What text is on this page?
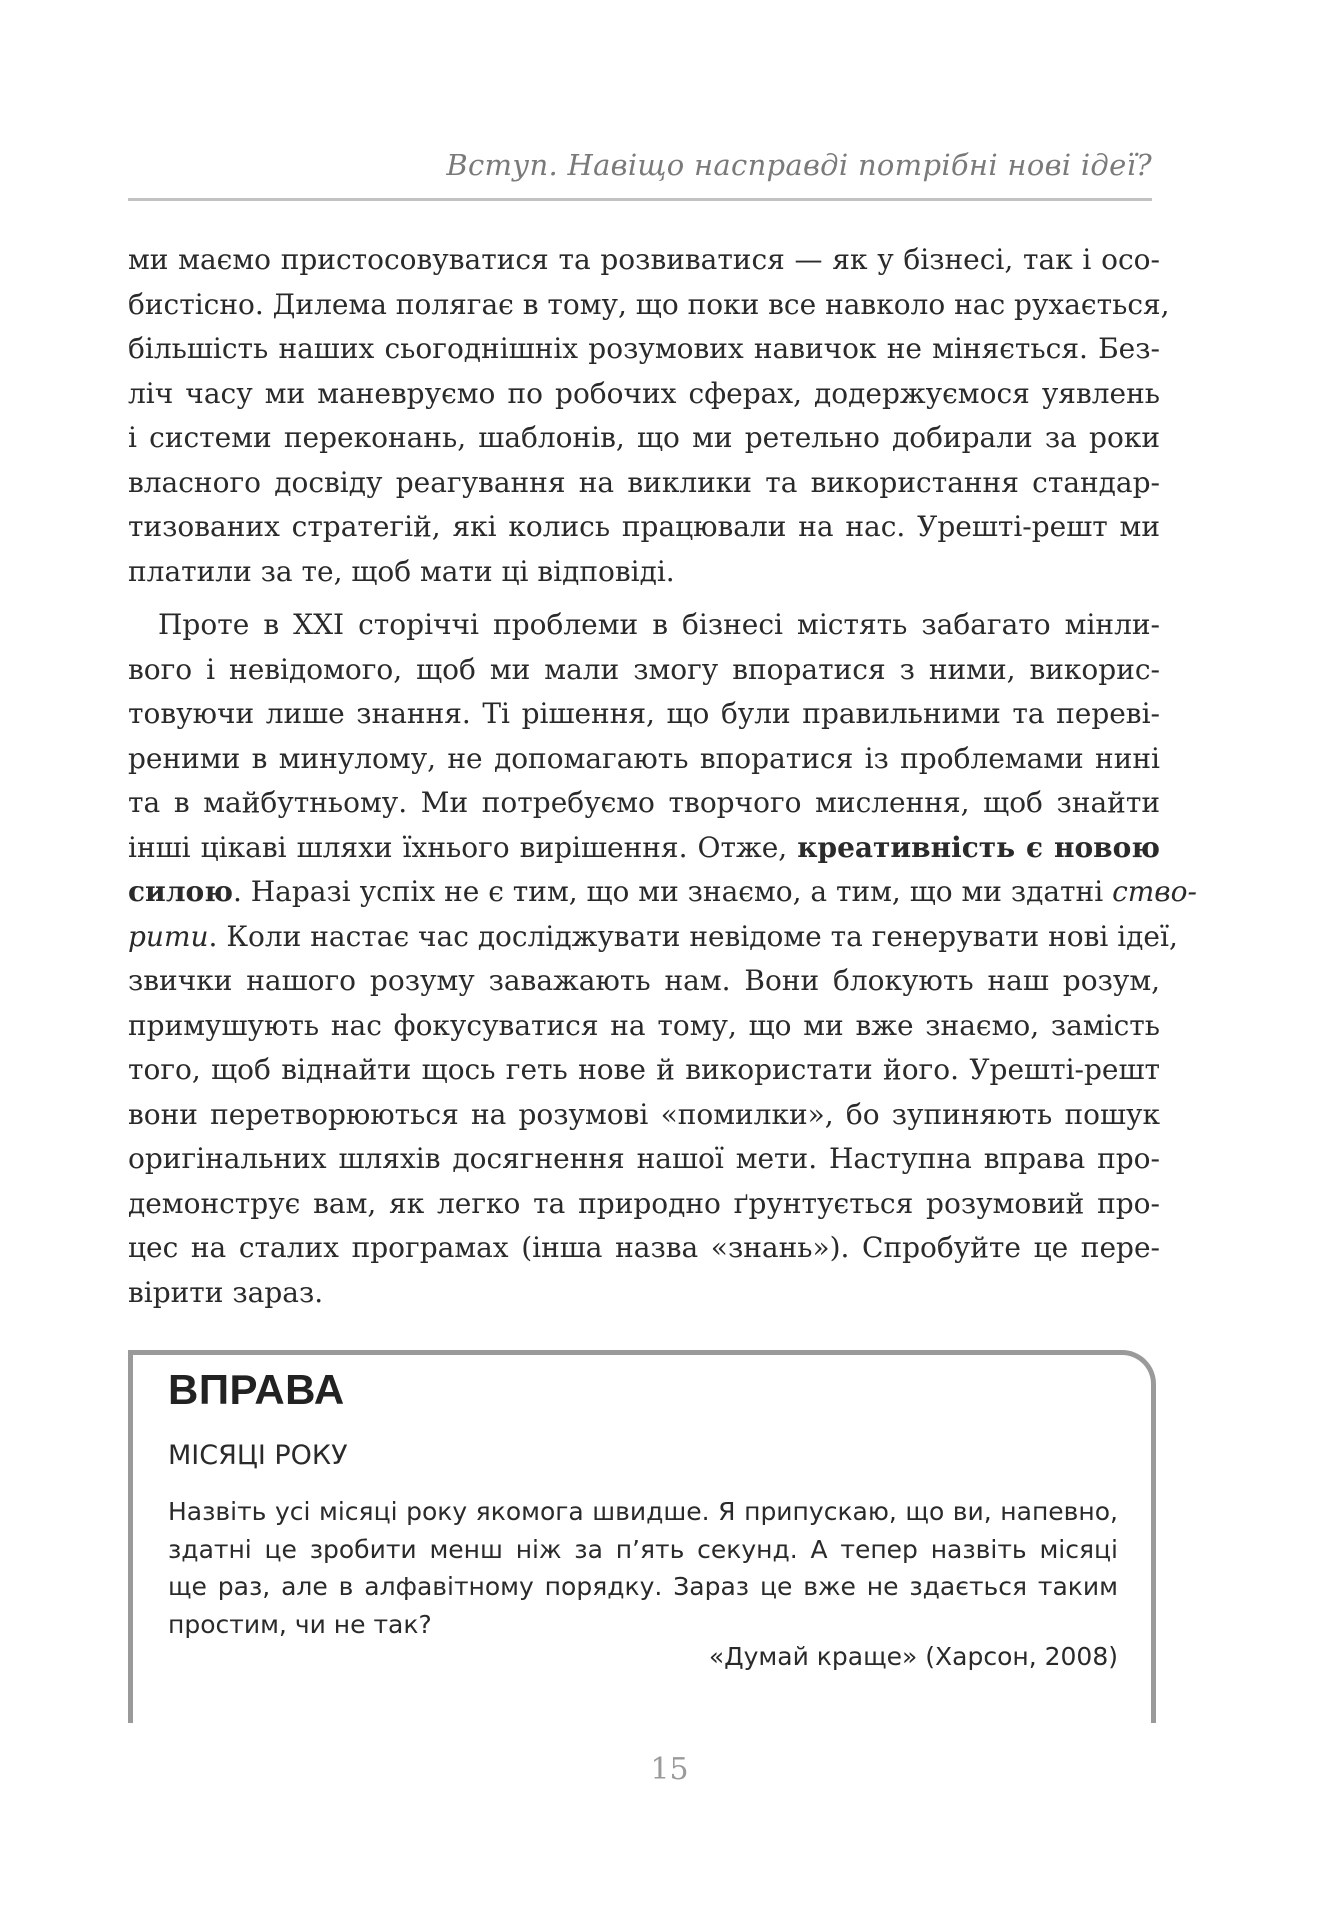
Вступ. Навіщо насправді потрібні нові ідеї?
ми маємо пристосовуватися та розвиватися — як у бізнесі, так і осо-
бистісно. Дилема полягає в тому, що поки все навколо нас рухається,
більшість наших сьогоднішніх розумових навичок не міняється. Без-
ліч часу ми маневруємо по робочих сферах, додержуємося уявлень
і системи переконань, шаблонів, що ми ретельно добирали за роки
власного досвіду реагування на виклики та використання стандар-
тизованих стратегій, які колись працювали на нас. Урешті-решт ми
платили за те, щоб мати ці відповіді.
Проте в XXI сторіччі проблеми в бізнесі містять забагато мінли-
вого і невідомого, щоб ми мали змогу впоратися з ними, викорис-
товуючи лише знання. Ті рішення, що були правильними та переві-
реними в минулому, не допомагають впоратися із проблемами нині
та в майбутньому. Ми потребуємо творчого мислення, щоб знайти
інші цікаві шляхи їхнього вирішення. Отже, креативність є новою
силою. Наразі успіх не є тим, що ми знаємо, а тим, що ми здатні ство-
рити. Коли настає час досліджувати невідоме та генерувати нові ідеї,
звички нашого розуму заважають нам. Вони блокують наш розум,
примушують нас фокусуватися на тому, що ми вже знаємо, замість
того, щоб віднайти щось геть нове й використати його. Урешті-решт
вони перетворюються на розумові «помилки», бо зупиняють пошук
оригінальних шляхів досягнення нашої мети. Наступна вправа про-
демонструє вам, як легко та природно ґрунтується розумовий про-
цес на сталих програмах (інша назва «знань»). Спробуйте це пере-
вірити зараз.
ВПРАВА
МІСЯЦІ РОКУ
Назвіть усі місяці року якомога швидше. Я припускаю, що ви, напевно,
здатні це зробити менш ніж за п’ять секунд. А тепер назвіть місяці
ще раз, але в алфавітному порядку. Зараз це вже не здається таким
простим, чи не так?
«Думай краще» (Харсон, 2008)
15
